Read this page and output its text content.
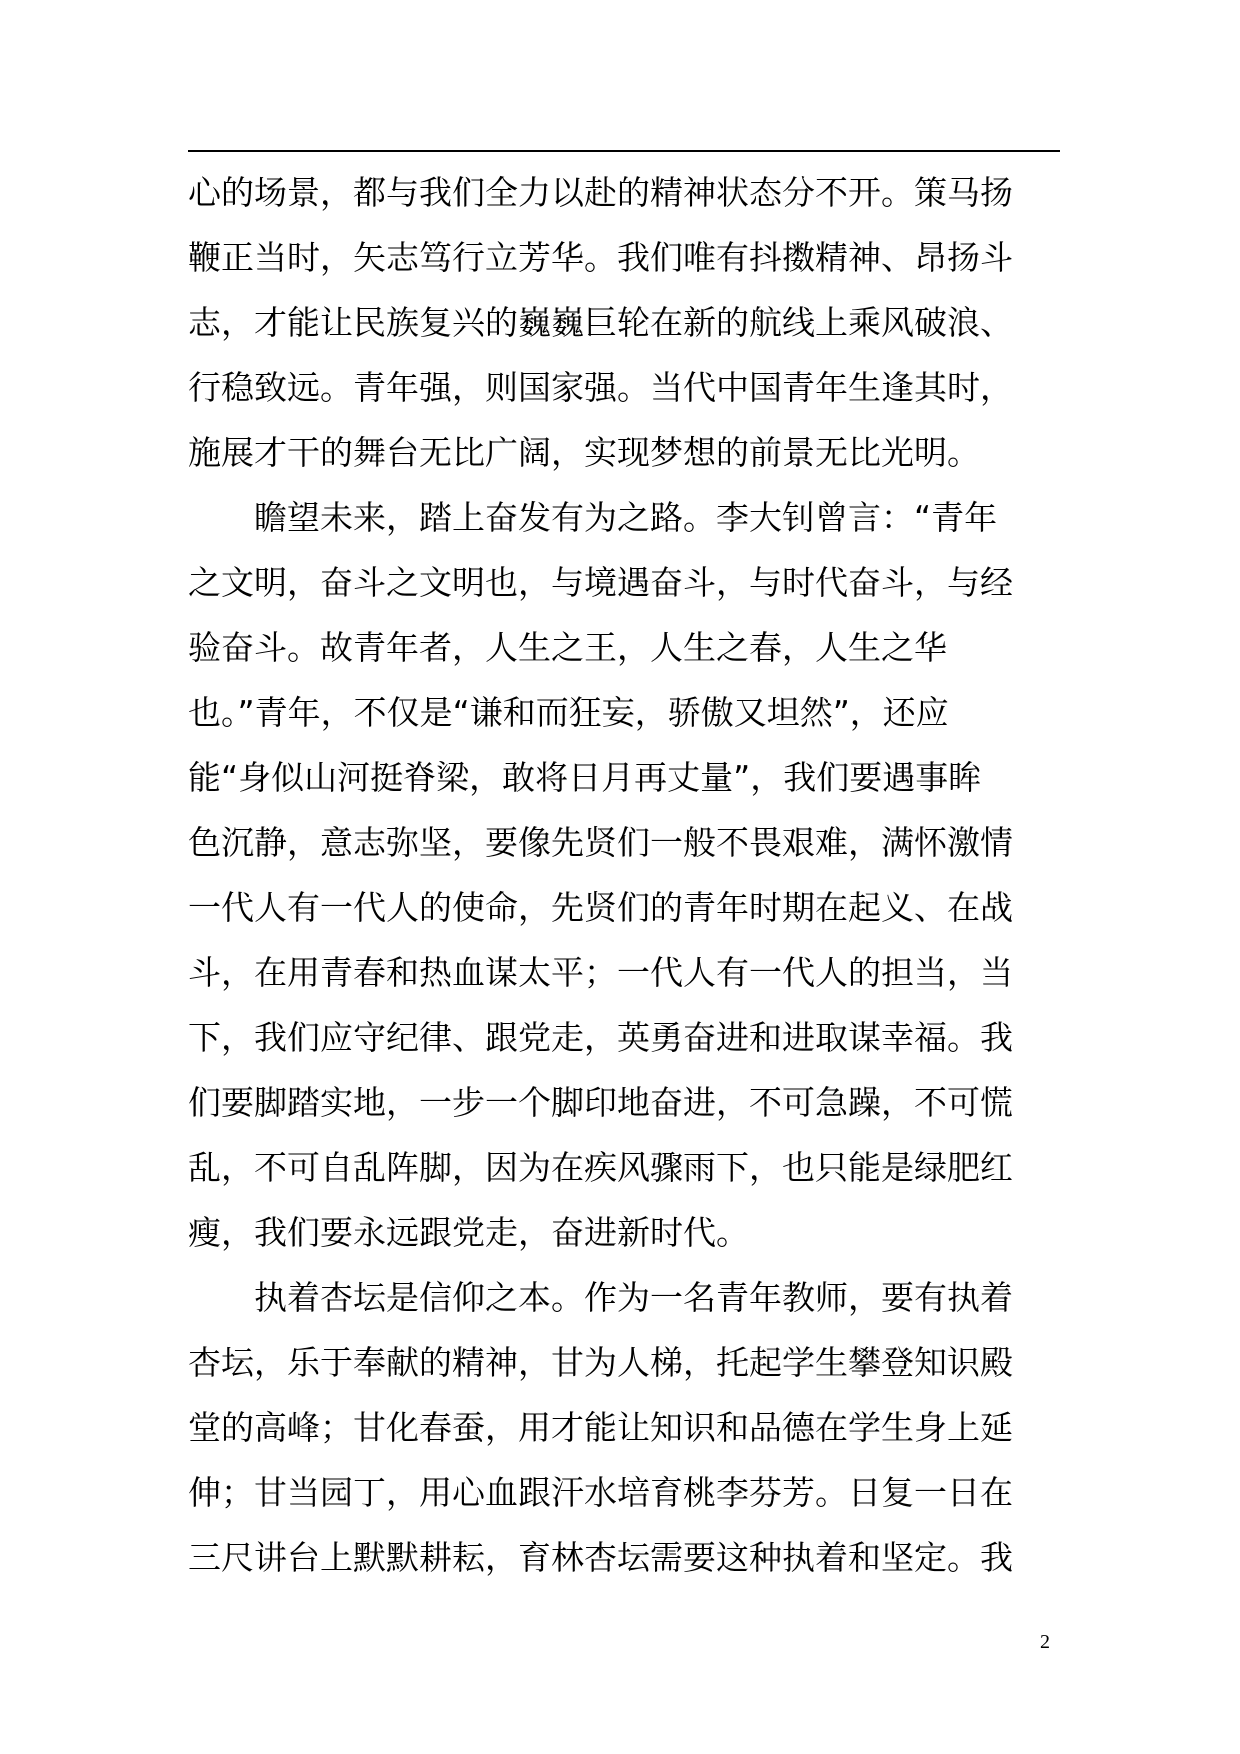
心的场景，都与我们全力以赴的精神状态分不开。策马扬
鞭正当时，矢志笃行立芳华。我们唯有抖擞精神、昂扬斗
志，才能让民族复兴的巍巍巨轮在新的航线上乘风破浪、
行稳致远。青年强，则国家强。当代中国青年生逢其时，
施展才干的舞台无比广阔，实现梦想的前景无比光明。
　　瞻望未来，踏上奋发有为之路。李大钊曾言：“青年
之文明，奋斗之文明也，与境遇奋斗，与时代奋斗，与经
验奋斗。故青年者，人生之王，人生之春，人生之华
也。”青年，不仅是“谦和而狂妄，骄傲又坦然”，还应
能“身似山河挺脊梁，敢将日月再丈量”，我们要遇事眸
色沉静，意志弥坚，要像先贤们一般不畏艰难，满怀激情
一代人有一代人的使命，先贤们的青年时期在起义、在战
斗，在用青春和热血谋太平；一代人有一代人的担当，当
下，我们应守纪律、跟党走，英勇奋进和进取谋幸福。我
们要脚踏实地，一步一个脚印地奋进，不可急躁，不可慌
乱，不可自乱阵脚，因为在疾风骤雨下，也只能是绿肥红
瘦，我们要永远跟党走，奋进新时代。
　　执着杏坛是信仰之本。作为一名青年教师，要有执着
杏坛，乐于奉献的精神，甘为人梯，托起学生攀登知识殿
堂的高峰；甘化春蚕，用才能让知识和品德在学生身上延
伸；甘当园丁，用心血跟汗水培育桃李芬芳。日复一日在
三尺讲台上默默耕耘，育林杏坛需要这种执着和坚定。我
2
